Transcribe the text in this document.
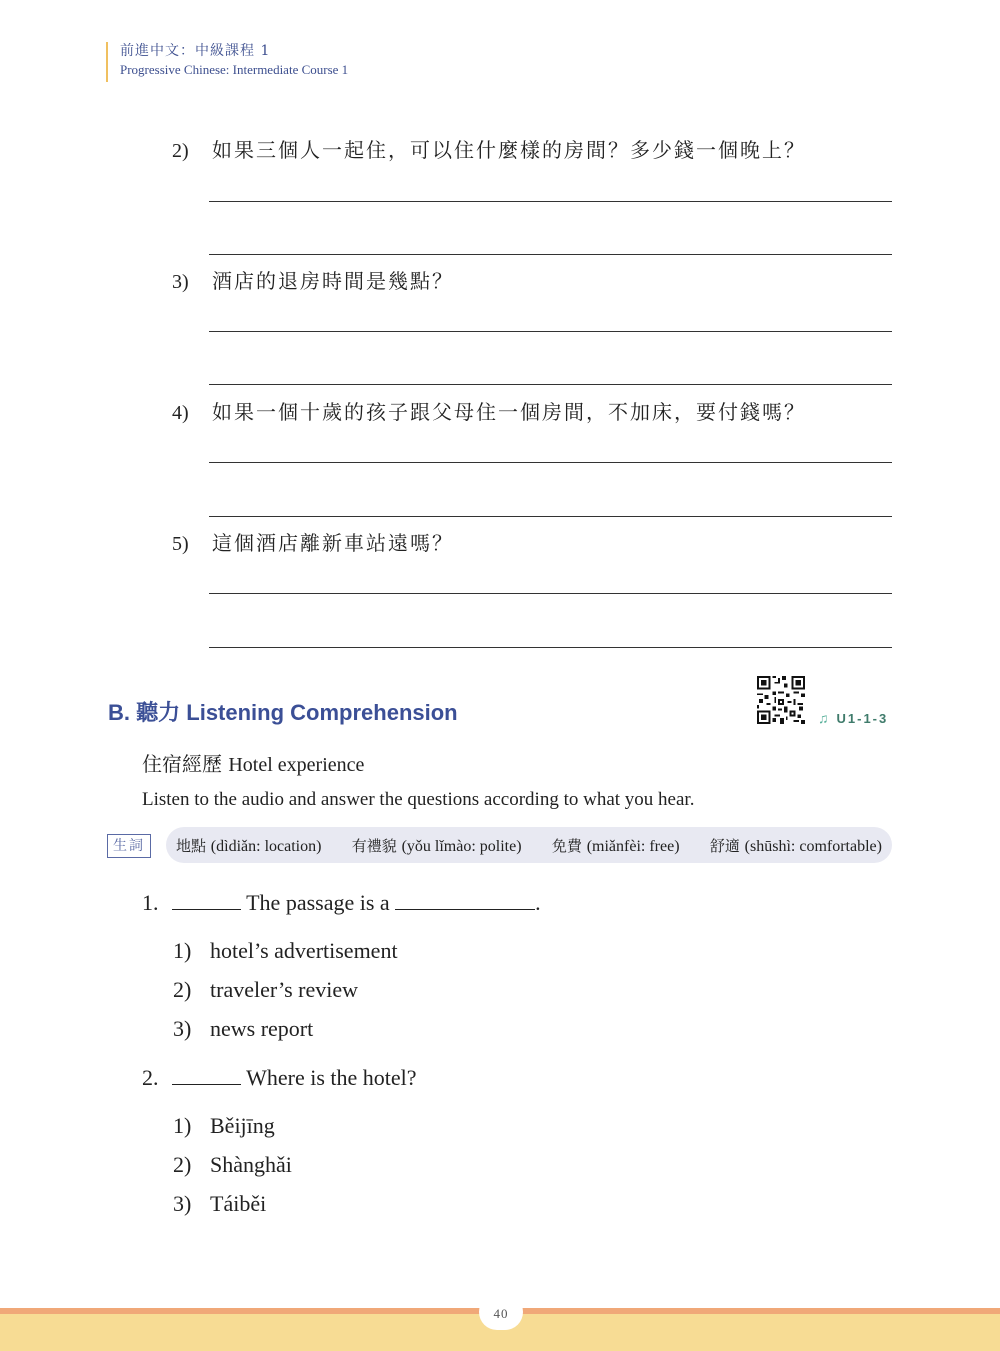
前進中文：中級課程 1
Progressive Chinese: Intermediate Course 1
2) 如果三個人一起住，可以住什麼樣的房間？多少錢一個晚上？
3) 酒店的退房時間是幾點？
4) 如果一個十歲的孩子跟父母住一個房間，不加床，要付錢嗎？
5) 這個酒店離新車站遠嗎？
B. 聽力 Listening Comprehension	♫ U1-1-3
住宿經歷 Hotel experience
Listen to the audio and answer the questions according to what you hear.
生詞	地點 (dìdiǎn: location) 有禮貌 (yǒu lǐmào: polite) 免費 (miǎnfèi: free) 舒適 (shūshì: comfortable)
1.	The passage is a	.
1) hotel’s advertisement
2) traveler’s review
3) news report
2.	Where is the hotel?
1) Běijīng
2) Shànghǎi
3) Táiběi
40
